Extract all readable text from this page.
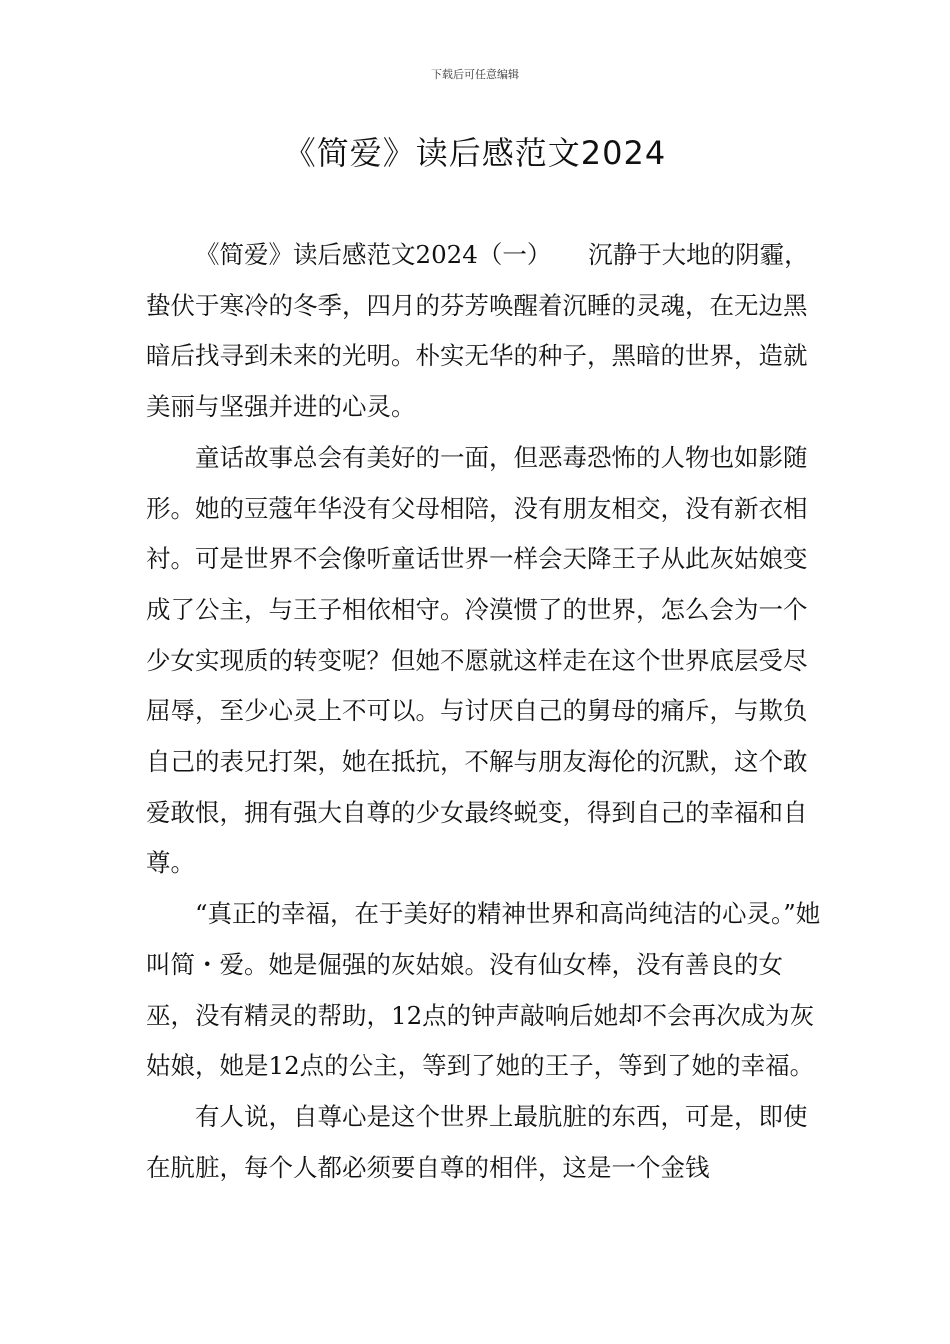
下载后可任意编辑
《简爱》读后感范文2024

《简爱》读后感范文2024（一）　　沉静于大地的阴霾，蛰伏于寒冷的冬季，四月的芬芳唤醒着沉睡的灵魂，在无边黑暗后找寻到未来的光明。朴实无华的种子，黑暗的世界，造就美丽与坚强并进的心灵。

童话故事总会有美好的一面，但恶毒恐怖的人物也如影随形。她的豆蔻年华没有父母相陪，没有朋友相交，没有新衣相衬。可是世界不会像听童话世界一样会天降王子从此灰姑娘变成了公主，与王子相依相守。冷漠惯了的世界，怎么会为一个少女实现质的转变呢？但她不愿就这样走在这个世界底层受尽屈辱，至少心灵上不可以。与讨厌自己的舅母的痛斥，与欺负自己的表兄打架，她在抵抗，不解与朋友海伦的沉默，这个敢爱敢恨，拥有强大自尊的少女最终蜕变，得到自己的幸福和自尊。

“真正的幸福，在于美好的精神世界和高尚纯洁的心灵。”她叫简・爱。她是倔强的灰姑娘。没有仙女棒，没有善良的女巫，没有精灵的帮助，12点的钟声敲响后她却不会再次成为灰姑娘，她是12点的公主，等到了她的王子，等到了她的幸福。

有人说，自尊心是这个世界上最肮脏的东西，可是，即使在肮脏，每个人都必须要自尊的相伴，这是一个金钱
